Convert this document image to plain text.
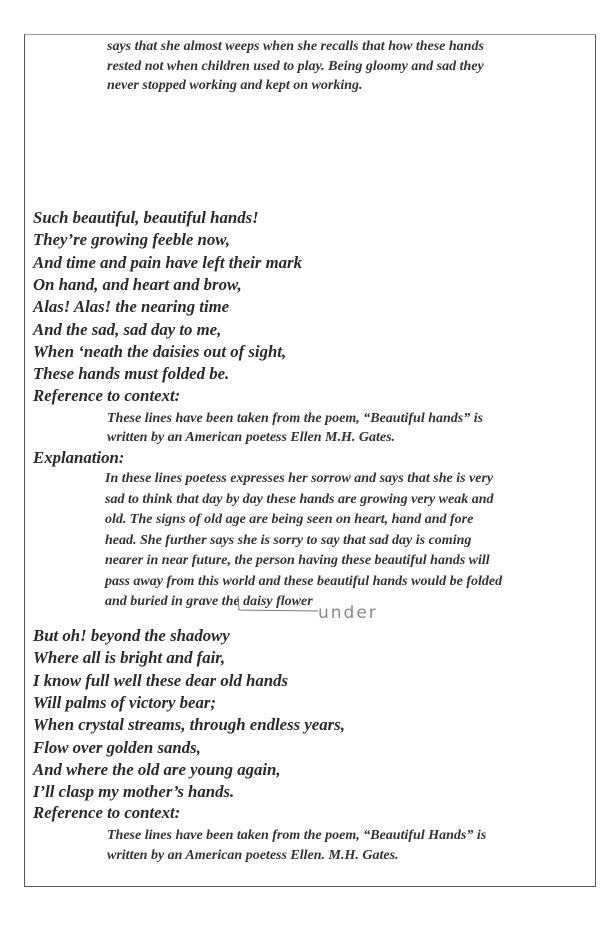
says that she almost weeps when she recalls that how these hands
rested not when children used to play. Being gloomy and sad they
never stopped working and kept on working.
Such beautiful, beautiful hands!
They’re growing feeble now,
And time and pain have left their mark
On hand, and heart and brow,
Alas! Alas! the nearing time
And the sad, sad day to me,
When ‘neath the daisies out of sight,
These hands must folded be.
Reference to context:
These lines have been taken from the poem, “Beautiful hands” is
written by an American poetess Ellen M.H. Gates.
Explanation:
In these lines poetess expresses her sorrow and says that she is very
sad to think that day by day these hands are growing very weak and
old. The signs of old age are being seen on heart, hand and fore
head. She further says she is sorry to say that sad day is coming
nearer in near future, the person having these beautiful hands will
pass away from this world and these beautiful hands would be folded
and buried in grave the daisy flower
under
But oh! beyond the shadowy
Where all is bright and fair,
I know full well these dear old hands
Will palms of victory bear;
When crystal streams, through endless years,
Flow over golden sands,
And where the old are young again,
I’ll clasp my mother’s hands.
Reference to context:
These lines have been taken from the poem, “Beautiful Hands” is
written by an American poetess Ellen. M.H. Gates.
